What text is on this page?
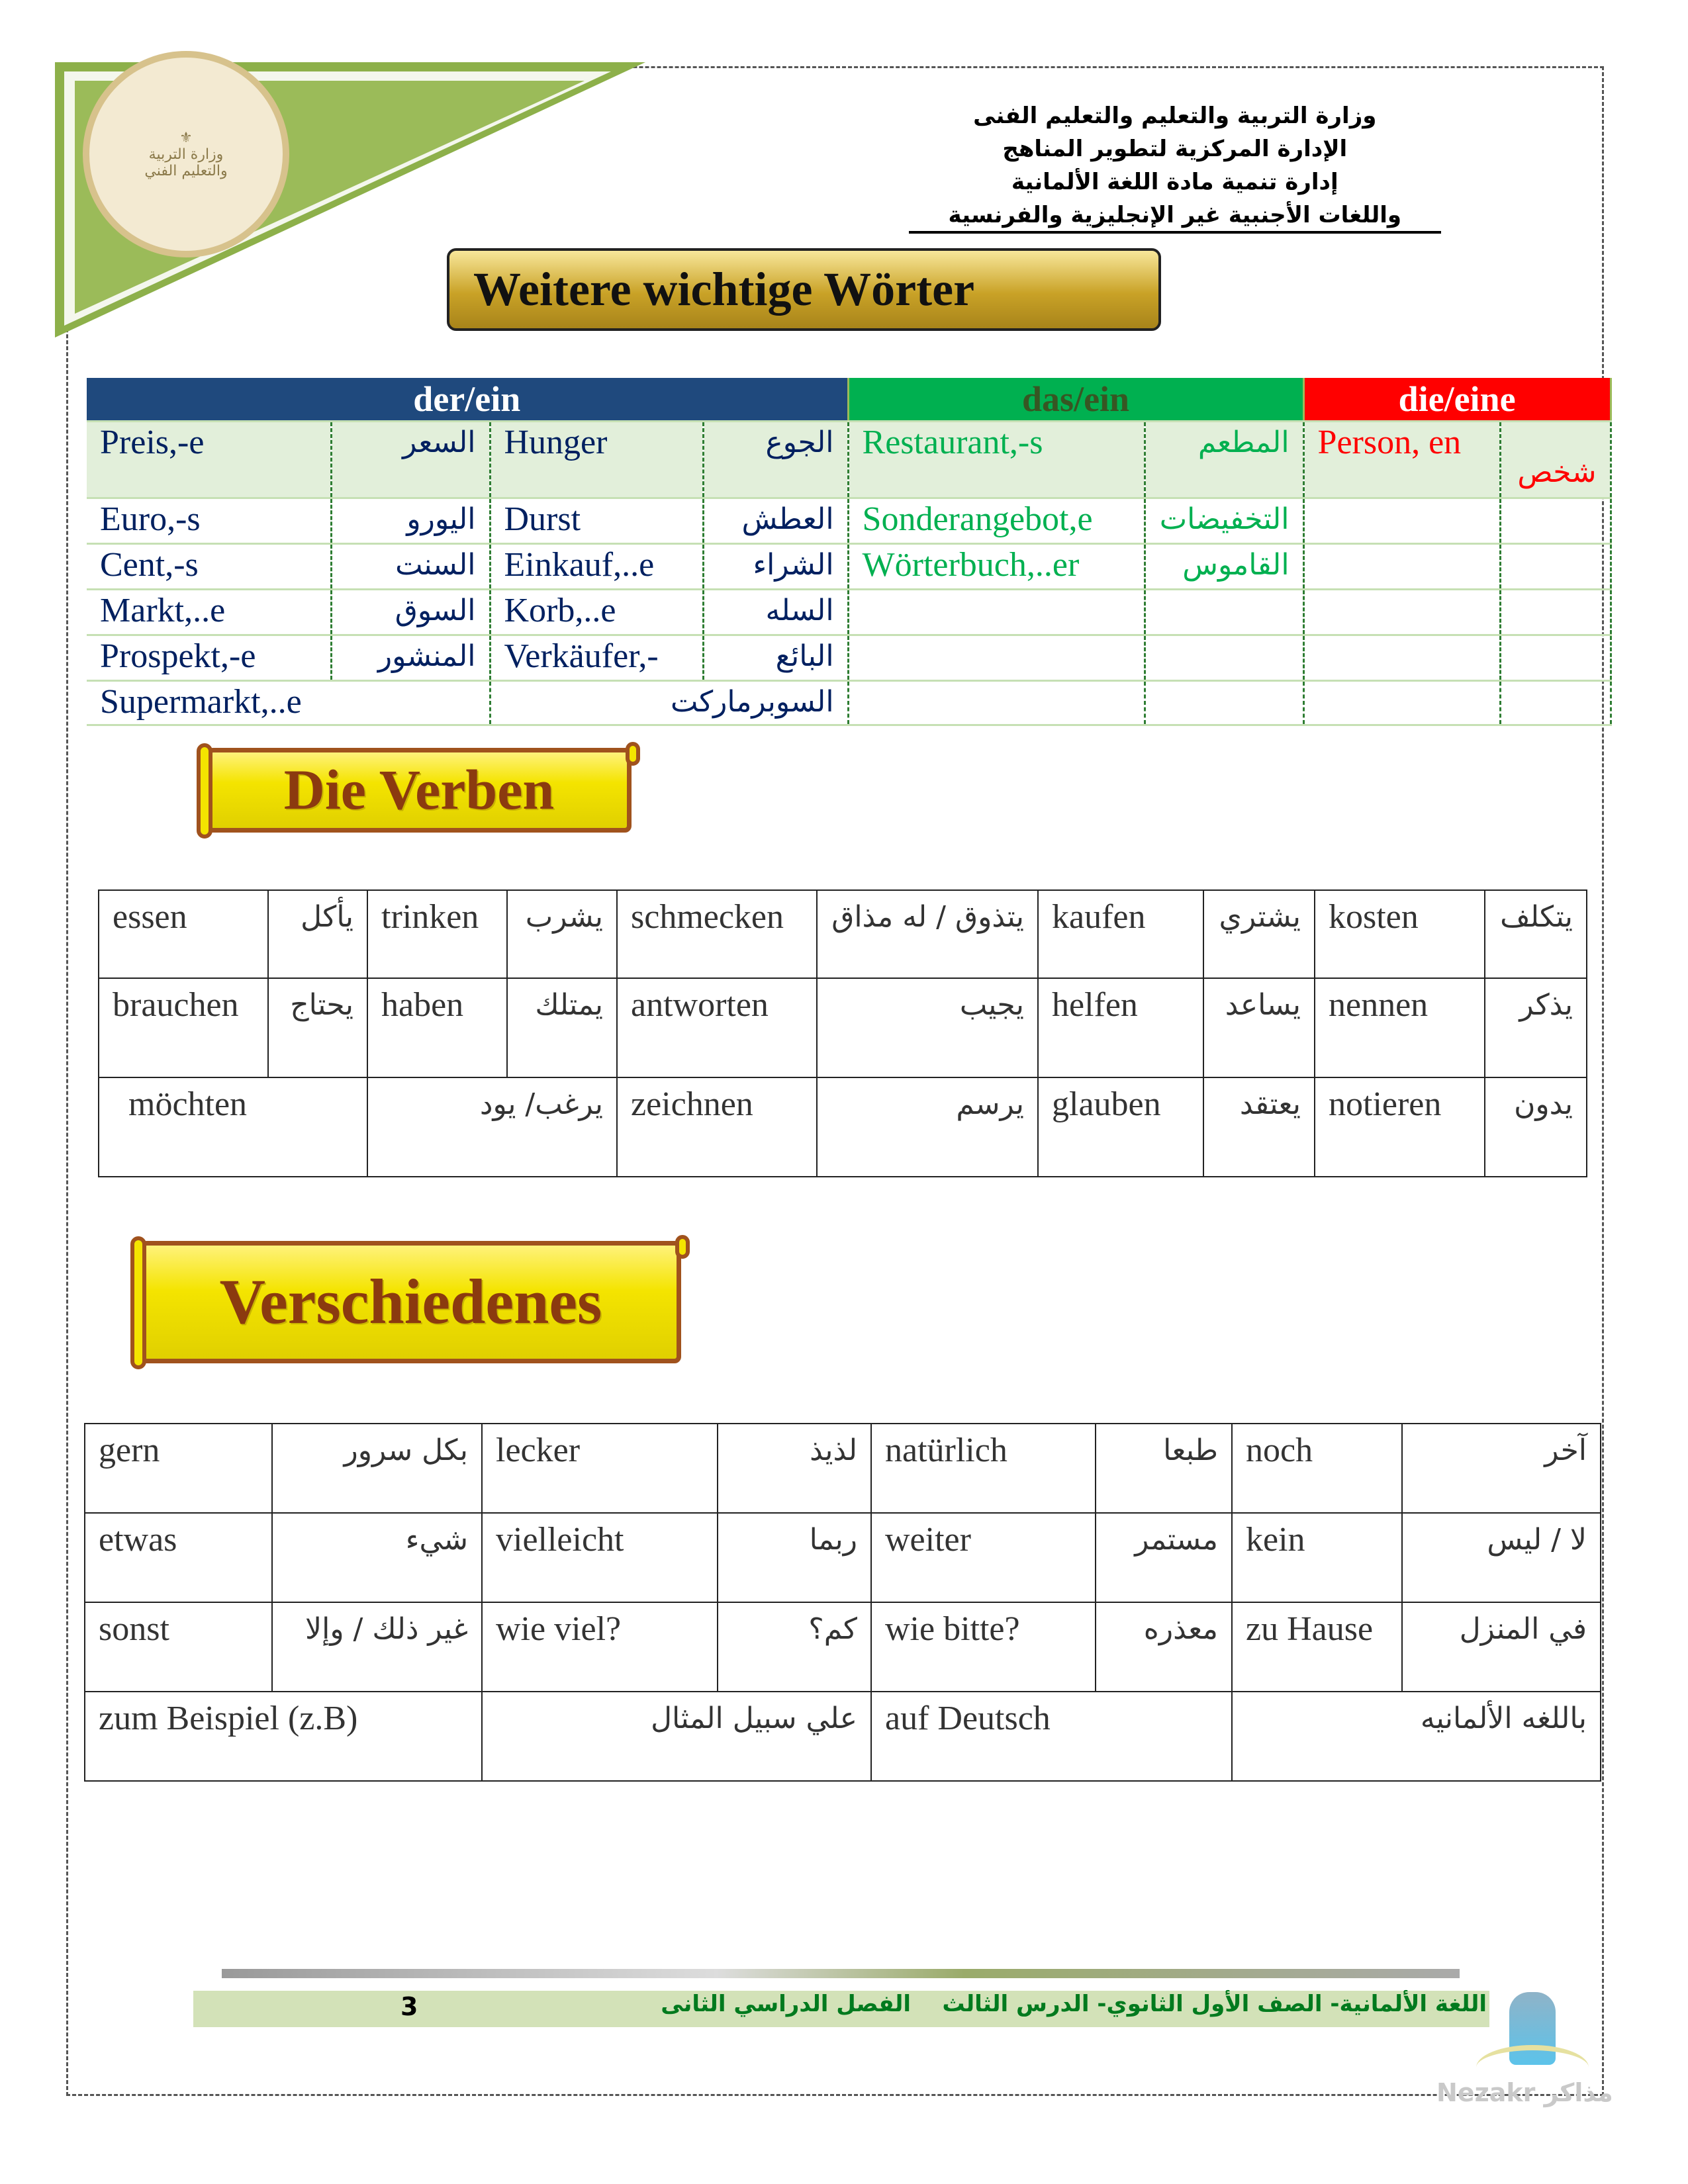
⚜
وزارة التربية
والتعليم الفني
وزارة التربية والتعليم والتعليم الفنى
الإدارة المركزية لتطوير المناهج
إدارة تنمية مادة اللغة الألمانية
واللغات الأجنبية غير الإنجليزية والفرنسية
Weitere wichtige Wörter
der/ein				das/ein		die/eine	
Preis,-e	السعر	Hunger	الجوع	Restaurant,-s	المطعم	Person, en	شخص
Euro,-s	اليورو	Durst	العطش	Sonderangebot,e	التخفيضات		
Cent,-s	السنت	Einkauf,..e	الشراء	Wörterbuch,..er	القاموس		
Markt,..e	السوق	Korb,..e	السله				
Prospekt,-e	المنشور	Verkäufer,-	البائع				
Supermarkt,..e		السوبرماركت					
Die Verben
essen	يأكل	trinken	يشرب	schmecken	يتذوق / له مذاق	kaufen	يشتري	kosten	يتكلف
brauchen	يحتاج	haben	يمتلك	antworten	يجيب	helfen	يساعد	nennen	يذكر
möchten		يرغب/ يود		zeichnen	يرسم	glauben	يعتقد	notieren	يدون
Verschiedenes
gern	بكل سرور	lecker	لذيذ	natürlich	طبعا	noch	آخر
etwas	شيء	vielleicht	ربما	weiter	مستمر	kein	لا / ليس
sonst	غير ذلك / وإلا	wie viel?	كم؟	wie bitte?	معذره	zu Hause	في المنزل
zum Beispiel (z.B)		علي سبيل المثال		auf Deutsch		باللغه الألمانيه	
3	اللغة الألمانية- الصف الأول الثانوي- الدرس الثالث    الفصل الدراسي الثانى
Nezakr مذاكر
